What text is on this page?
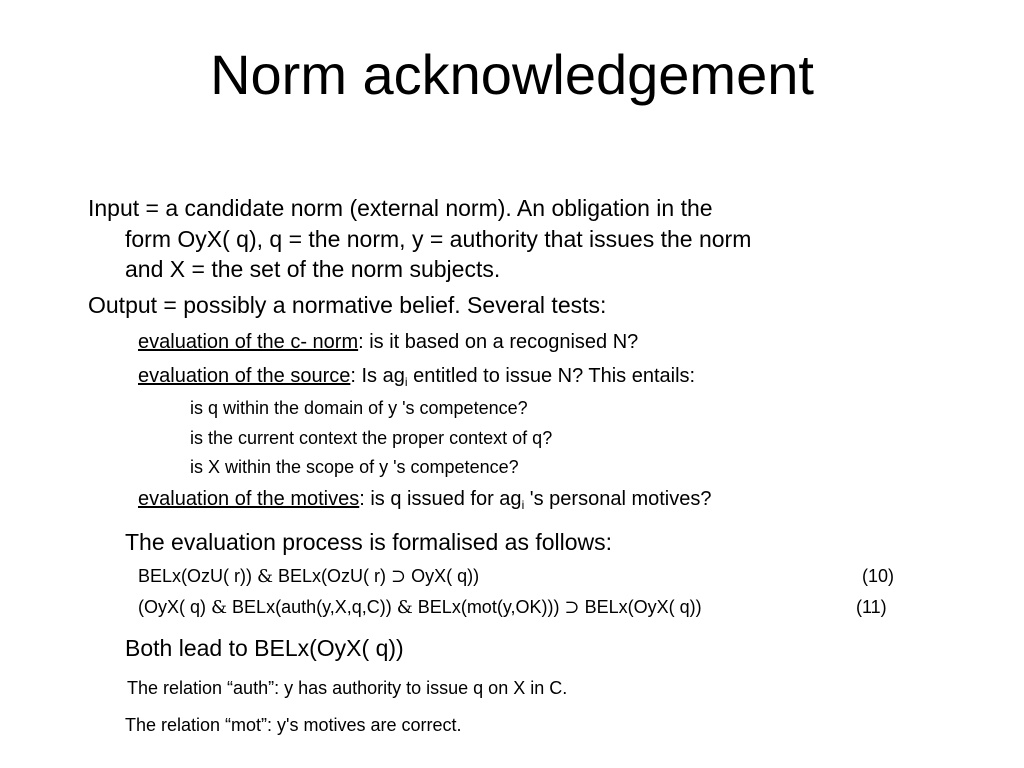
Norm acknowledgement
Input = a candidate norm (external norm). An obligation in the
form OyX( q), q = the norm, y = authority that issues the norm
and X = the set of the norm subjects.
Output = possibly a normative belief. Several tests:
evaluation of the c- norm: is it based on a recognised N?
evaluation of the source: Is $ag_i$ entitled to issue N? This entails:
is q within the domain of y 's competence?
is the current context the proper context of q?
is X within the scope of y 's competence?
evaluation of the motives: is q issued for $ag_i$ 's personal motives?
The evaluation process is formalised as follows:
BELx(OzU( r)) & BELx(OzU( r) ⊃ OyX( q))	(10)
(OyX( q) & BELx(auth(y,X,q,C)) & BELx(mot(y,OK))) ⊃ BELx(OyX( q))	(11)
Both lead to BELx(OyX( q))
The relation “auth”: y has authority to issue q on X in C.
The relation “mot”: y's motives are correct.
